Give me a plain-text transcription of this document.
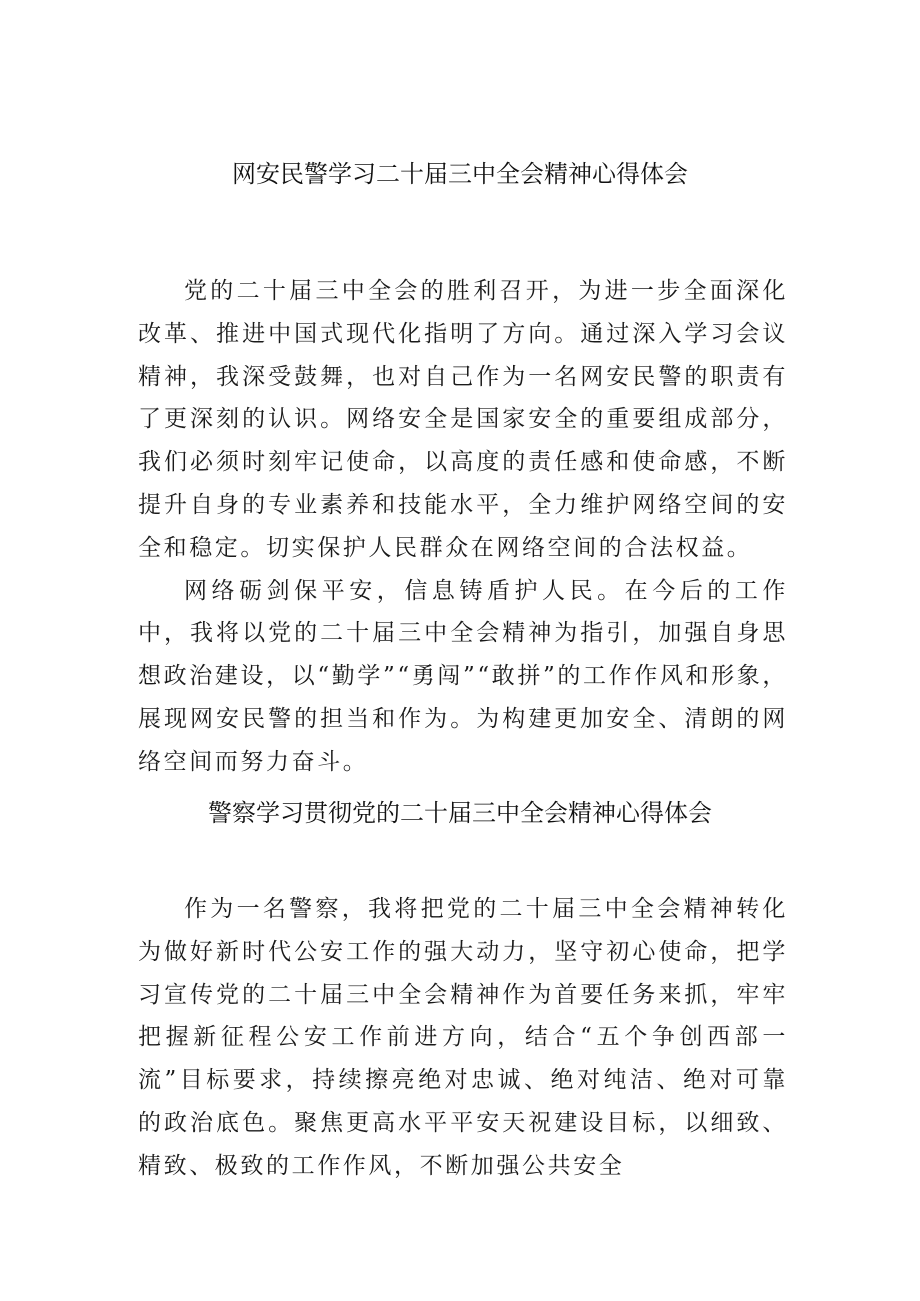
网安民警学习二十届三中全会精神心得体会

党的二十届三中全会的胜利召开，为进一步全面深化改革、推进中国式现代化指明了方向。通过深入学习会议精神，我深受鼓舞，也对自己作为一名网安民警的职责有了更深刻的认识。网络安全是国家安全的重要组成部分，我们必须时刻牢记使命，以高度的责任感和使命感，不断提升自身的专业素养和技能水平，全力维护网络空间的安全和稳定。切实保护人民群众在网络空间的合法权益。

网络砺剑保平安，信息铸盾护人民。在今后的工作中，我将以党的二十届三中全会精神为指引，加强自身思想政治建设，以“勤学”“勇闯”“敢拼”的工作作风和形象，展现网安民警的担当和作为。为构建更加安全、清朗的网络空间而努力奋斗。

警察学习贯彻党的二十届三中全会精神心得体会

作为一名警察，我将把党的二十届三中全会精神转化为做好新时代公安工作的强大动力，坚守初心使命，把学习宣传党的二十届三中全会精神作为首要任务来抓，牢牢把握新征程公安工作前进方向，结合“五个争创西部一流”目标要求，持续擦亮绝对忠诚、绝对纯洁、绝对可靠的政治底色。聚焦更高水平平安天祝建设目标，以细致、精致、极致的工作作风，不断加强公共安全
